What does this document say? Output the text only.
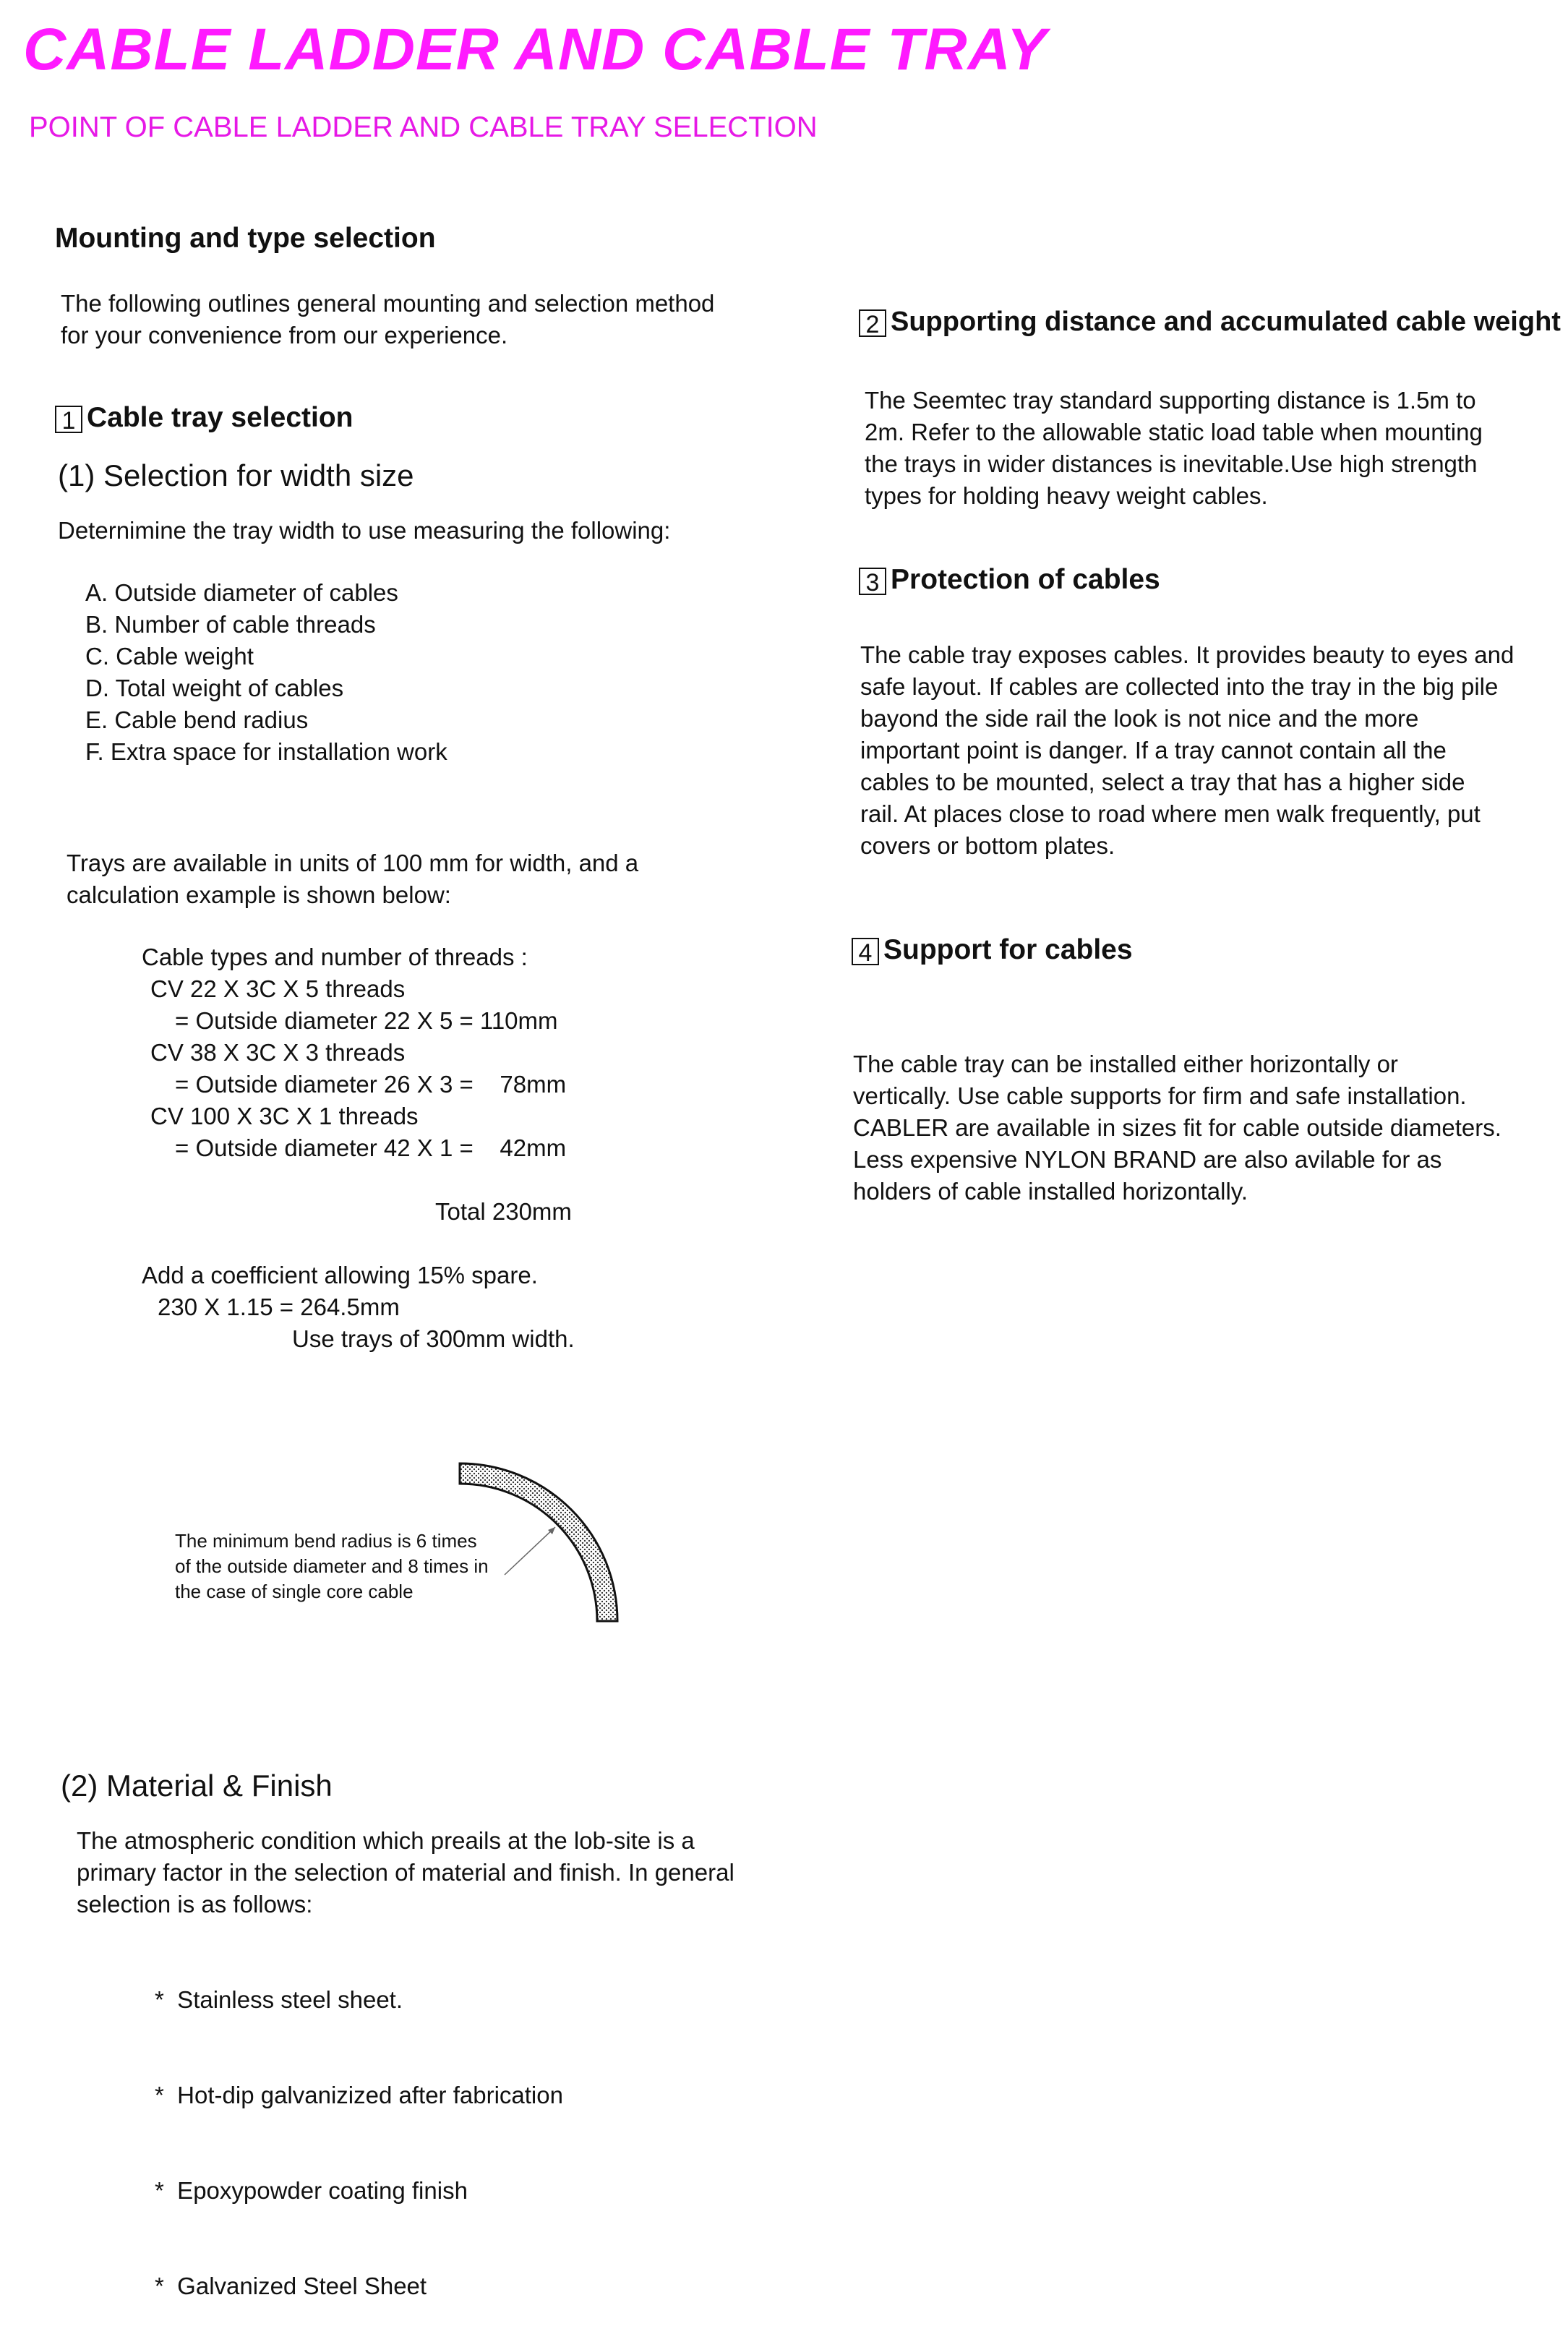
CABLE LADDER AND CABLE TRAY
POINT OF CABLE LADDER AND CABLE TRAY SELECTION
Mounting and type selection
The following outlines general mounting and selection method
for your convenience from our experience.
1 Cable tray selection
(1) Selection for width size
Deternimine the tray width to use measuring the following:
A. Outside diameter of cables
B. Number of cable threads
C. Cable weight
D. Total weight of cables
E. Cable bend radius
F. Extra space for installation work
Trays are available in units of 100 mm for width, and a
calculation example is shown below:
Cable types and number of threads :
CV 22 X 3C X 5 threads
= Outside diameter 22 X 5 = 110mm
CV 38 X 3C X 3 threads
= Outside diameter 26 X 3 =    78mm
CV 100 X 3C X 1 threads
= Outside diameter 42 X 1 =    42mm
Total 230mm
Add a coefficient allowing 15% spare.
230 X 1.15 = 264.5mm
Use trays of 300mm width.
The minimum bend radius is 6 times
of the outside diameter and 8 times in
the case of single core cable
(2) Material & Finish
The atmospheric condition which preails at the lob-site is a
primary factor in the selection of material and finish. In general
selection is as follows:

*  Stainless steel sheet.

*  Hot-dip galvanizized after fabrication

*  Epoxypowder coating finish

*  Galvanized Steel Sheet

2 Supporting distance and accumulated cable weight
The Seemtec tray standard supporting distance is 1.5m to
2m. Refer to the allowable static load table when mounting
the trays in wider distances is inevitable.Use high strength
types for holding heavy weight cables.
3 Protection of cables
The cable tray exposes cables. It provides beauty to eyes and
safe layout. If cables are collected into the tray in the big pile
bayond the side rail the look is not nice and the more
important point is danger. If a tray cannot contain all the
cables to be mounted, select a tray that has a higher side
rail. At places close to road where men walk frequently, put
covers or bottom plates.
4 Support for cables
The cable tray can be installed either horizontally or
vertically. Use cable supports for firm and safe installation.
CABLER are available in sizes fit for cable outside diameters.
Less expensive NYLON BRAND are also avilable for as
holders of cable installed horizontally.
